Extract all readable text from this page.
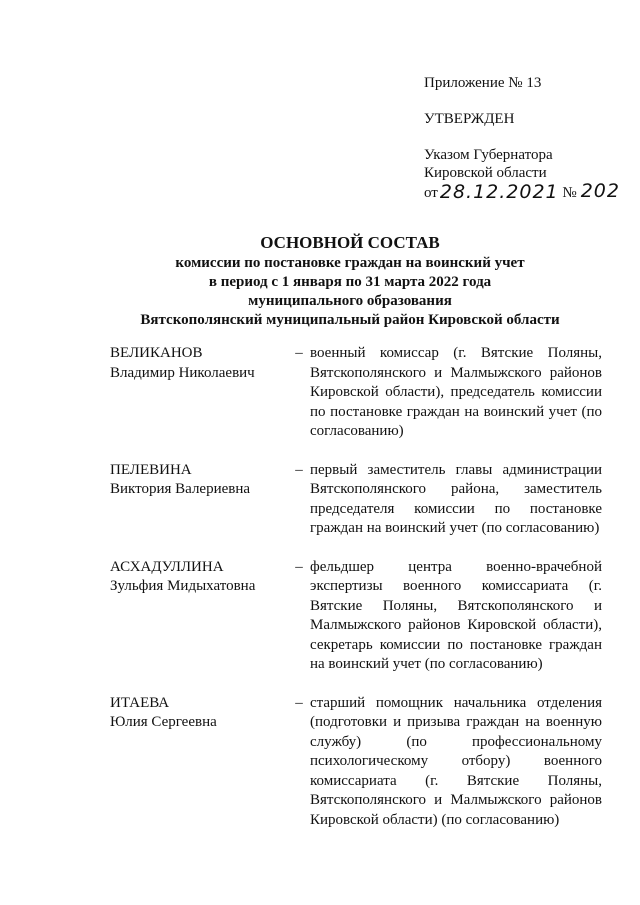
Приложение № 13
УТВЕРЖДЕН
Указом Губернатора
Кировской области
от 28.12.2021 № 202
ОСНОВНОЙ СОСТАВ
комиссии по постановке граждан на воинский учет
в период с 1 января по 31 марта 2022 года
муниципального образования
Вятскополянский муниципальный район Кировской области
ВЕЛИКАНОВ
Владимир Николаевич
– военный комиссар (г. Вятские Поляны, Вятскополянского и Малмыжского районов Кировской области), председатель комиссии по постановке граждан на воинский учет (по согласованию)
ПЕЛЕВИНА
Виктория Валериевна
– первый заместитель главы администрации Вятскополянского района, заместитель председателя комиссии по постановке граждан на воинский учет (по согласованию)
АСХАДУЛЛИНА
Зульфия Мидыхатовна
– фельдшер центра военно-врачебной экспертизы военного комиссариата (г. Вятские Поляны, Вятскополянского и Малмыжского районов Кировской области), секретарь комиссии по постановке граждан на воинский учет (по согласованию)
ИТАЕВА
Юлия Сергеевна
– старший помощник начальника отделения (подготовки и призыва граждан на военную службу) (по профессиональному психологическому отбору) военного комиссариата (г. Вятские Поляны, Вятскополянского и Малмыжского районов Кировской области) (по согласованию)
